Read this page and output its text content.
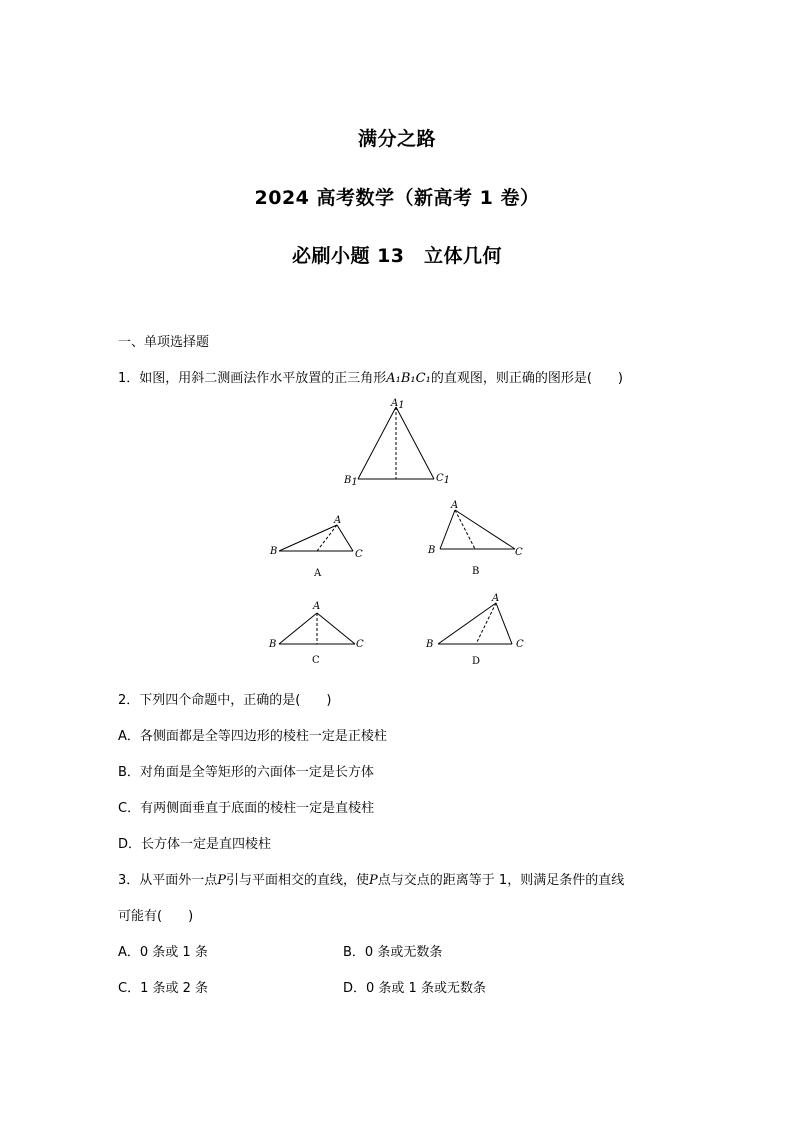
满分之路
2024 高考数学（新高考 1 卷）
必刷小题 13　立体几何
一、单项选择题
1．如图，用斜二测画法作水平放置的正三角形A₁B₁C₁的直观图，则正确的图形是(　　)
A1
B1	C1
A
B	C
A
A
B	C
B
A
B	C
C
A
B	C
D
2．下列四个命题中，正确的是(　　)
A．各侧面都是全等四边形的棱柱一定是正棱柱
B．对角面是全等矩形的六面体一定是长方体
C．有两侧面垂直于底面的棱柱一定是直棱柱
D．长方体一定是直四棱柱
3．从平面外一点P引与平面相交的直线，使P点与交点的距离等于 1，则满足条件的直线
可能有(　　)
A．0 条或 1 条	B．0 条或无数条
C．1 条或 2 条	D．0 条或 1 条或无数条
